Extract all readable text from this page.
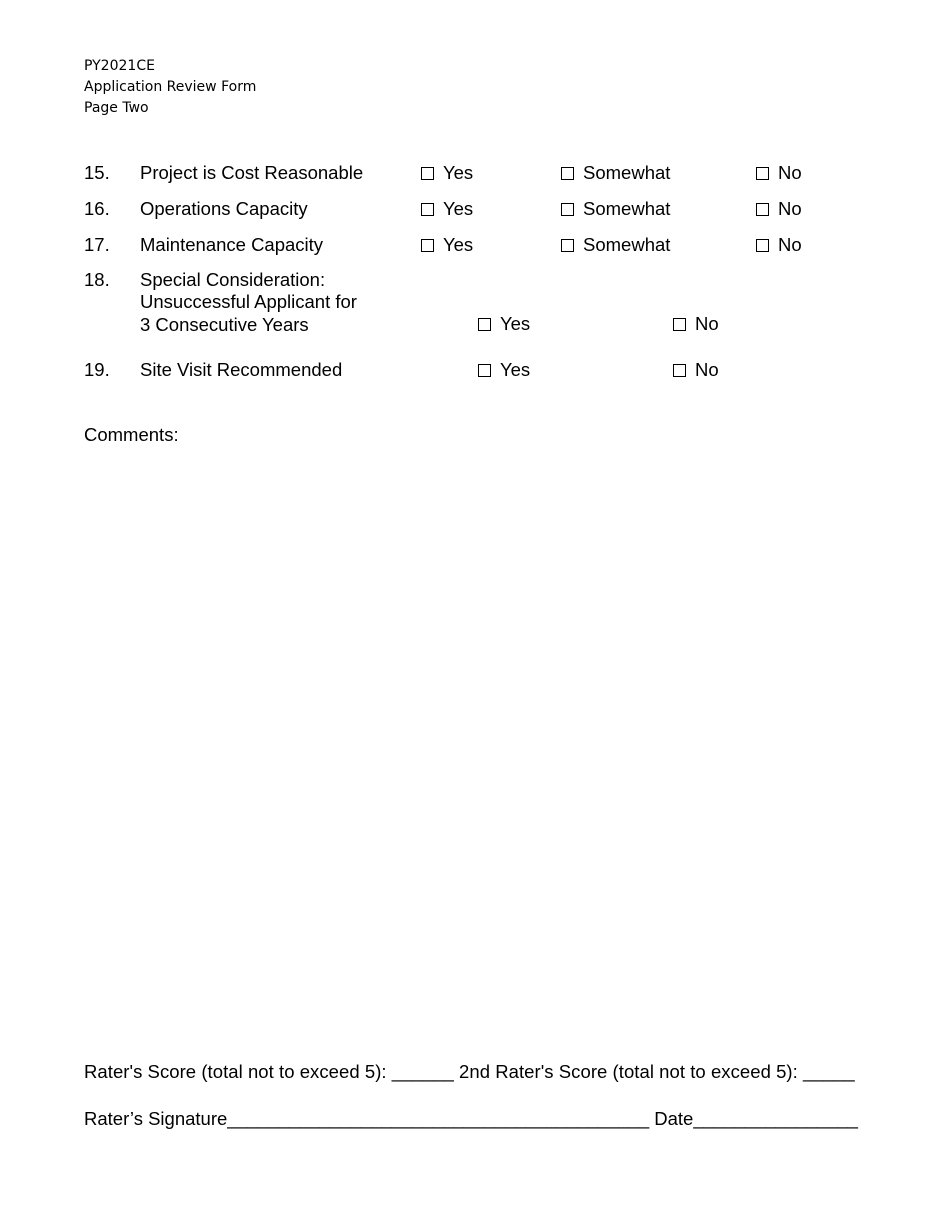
PY2021CE
Application Review Form
Page Two
15. Project is Cost Reasonable	Yes	Somewhat	No
16. Operations Capacity	Yes	Somewhat	No
17. Maintenance Capacity	Yes	Somewhat	No
18. Special Consideration:
Unsuccessful Applicant for
3 Consecutive Years	Yes	No
19. Site Visit Recommended	Yes	No
Comments:
Rater's Score (total not to exceed 5): ______ 2nd Rater's Score (total not to exceed 5): _____
Rater’s Signature_________________________________________ Date________________
